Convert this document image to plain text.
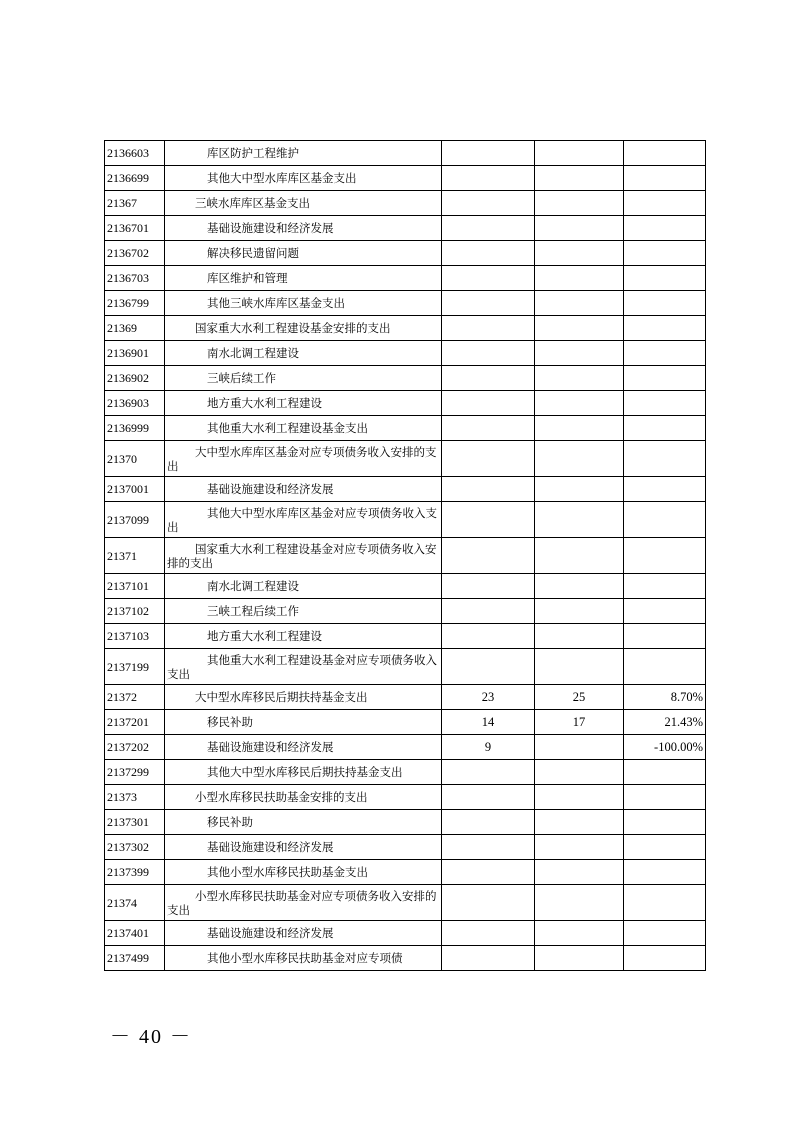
2136603	库区防护工程维护			
2136699	其他大中型水库库区基金支出			
21367	三峡水库库区基金支出			
2136701	基础设施建设和经济发展			
2136702	解决移民遗留问题			
2136703	库区维护和管理			
2136799	其他三峡水库库区基金支出			
21369	国家重大水利工程建设基金安排的支出			
2136901	南水北调工程建设			
2136902	三峡后续工作			
2136903	地方重大水利工程建设			
2136999	其他重大水利工程建设基金支出			
21370	大中型水库库区基金对应专项债务收入安排的支出			
2137001	基础设施建设和经济发展			
2137099	其他大中型水库库区基金对应专项债务收入支出			
21371	国家重大水利工程建设基金对应专项债务收入安排的支出			
2137101	南水北调工程建设			
2137102	三峡工程后续工作			
2137103	地方重大水利工程建设			
2137199	其他重大水利工程建设基金对应专项债务收入支出			
21372	大中型水库移民后期扶持基金支出	23	25	8.70%
2137201	移民补助	14	17	21.43%
2137202	基础设施建设和经济发展	9		-100.00%
2137299	其他大中型水库移民后期扶持基金支出			
21373	小型水库移民扶助基金安排的支出			
2137301	移民补助			
2137302	基础设施建设和经济发展			
2137399	其他小型水库移民扶助基金支出			
21374	小型水库移民扶助基金对应专项债务收入安排的支出			
2137401	基础设施建设和经济发展			
2137499	其他小型水库移民扶助基金对应专项债			
－ 40 －
